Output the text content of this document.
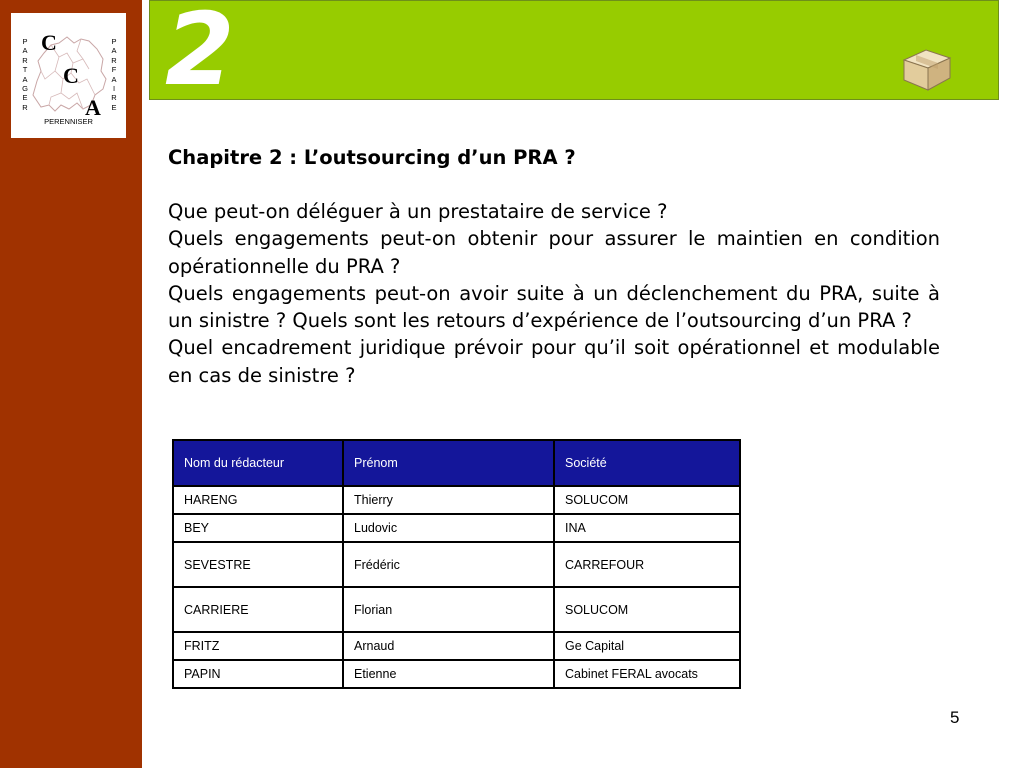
P
A
R
T
A
G
E
R
P
A
R
F
A
I
R
E
C
C
A
PERENNISER
2
Chapitre 2 : L’outsourcing d’un PRA ?

Que peut-on déléguer à un prestataire de service ?

Quels engagements peut-on obtenir pour assurer le maintien en condition opérationnelle du PRA ?

Quels engagements peut-on avoir suite à un déclenchement du PRA, suite à un sinistre ? Quels sont les retours d’expérience de l’outsourcing d’un PRA ?

Quel encadrement juridique prévoir pour qu’il soit opérationnel et modulable en cas de sinistre ?

Nom du rédacteur	Prénom	Société
HARENG	Thierry	SOLUCOM
BEY	Ludovic	INA
SEVESTRE	Frédéric	CARREFOUR
CARRIERE	Florian	SOLUCOM
FRITZ	Arnaud	Ge Capital
PAPIN	Etienne	Cabinet FERAL avocats
5
